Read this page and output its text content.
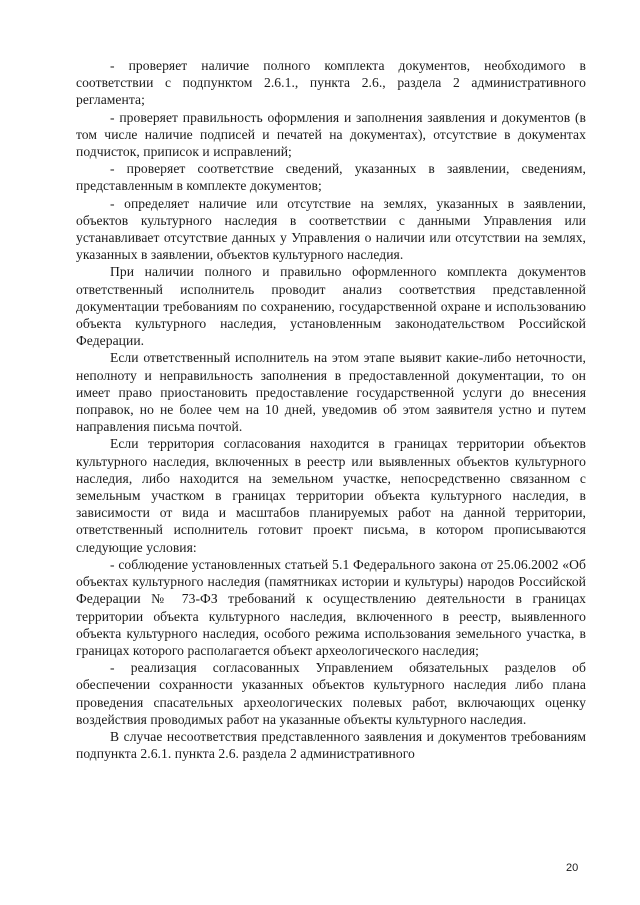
- проверяет наличие полного комплекта документов, необходимого в соответствии с подпунктом 2.6.1., пункта 2.6., раздела 2 административного регламента;

- проверяет правильность оформления и заполнения заявления и документов (в том числе наличие подписей и печатей на документах), отсутствие в документах подчисток, приписок и исправлений;

- проверяет соответствие сведений, указанных в заявлении, сведениям, представленным в комплекте документов;

- определяет наличие или отсутствие на землях, указанных в заявлении, объектов культурного наследия в соответствии с данными Управления или устанавливает отсутствие данных у Управления о наличии или отсутствии на землях, указанных в заявлении, объектов культурного наследия.

При наличии полного и правильно оформленного комплекта документов ответственный исполнитель проводит анализ соответствия представленной документации требованиям по сохранению, государственной охране и использованию объекта культурного наследия, установленным законодательством Российской Федерации.

Если ответственный исполнитель на этом этапе выявит какие-либо неточности, неполноту и неправильность заполнения в предоставленной документации, то он имеет право приостановить предоставление государственной услуги до внесения поправок, но не более чем на 10 дней, уведомив об этом заявителя устно и путем направления письма почтой.

Если территория согласования находится в границах территории объектов культурного наследия, включенных в реестр или выявленных объектов культурного наследия, либо находится на земельном участке, непосредственно связанном с земельным участком в границах территории объекта культурного наследия, в зависимости от вида и масштабов планируемых работ на данной территории, ответственный исполнитель готовит проект письма, в котором прописываются следующие условия:

- соблюдение установленных статьей 5.1 Федерального закона от 25.06.2002 «Об объектах культурного наследия (памятниках истории и культуры) народов Российской Федерации № 73-ФЗ требований к осуществлению деятельности в границах территории объекта культурного наследия, включенного в реестр, выявленного объекта культурного наследия, особого режима использования земельного участка, в границах которого располагается объект археологического наследия;

- реализация согласованных Управлением обязательных разделов об обеспечении сохранности указанных объектов культурного наследия либо плана проведения спасательных археологических полевых работ, включающих оценку воздействия проводимых работ на указанные объекты культурного наследия.

В случае несоответствия представленного заявления и документов требованиям подпункта 2.6.1. пункта 2.6. раздела 2 административного

20
